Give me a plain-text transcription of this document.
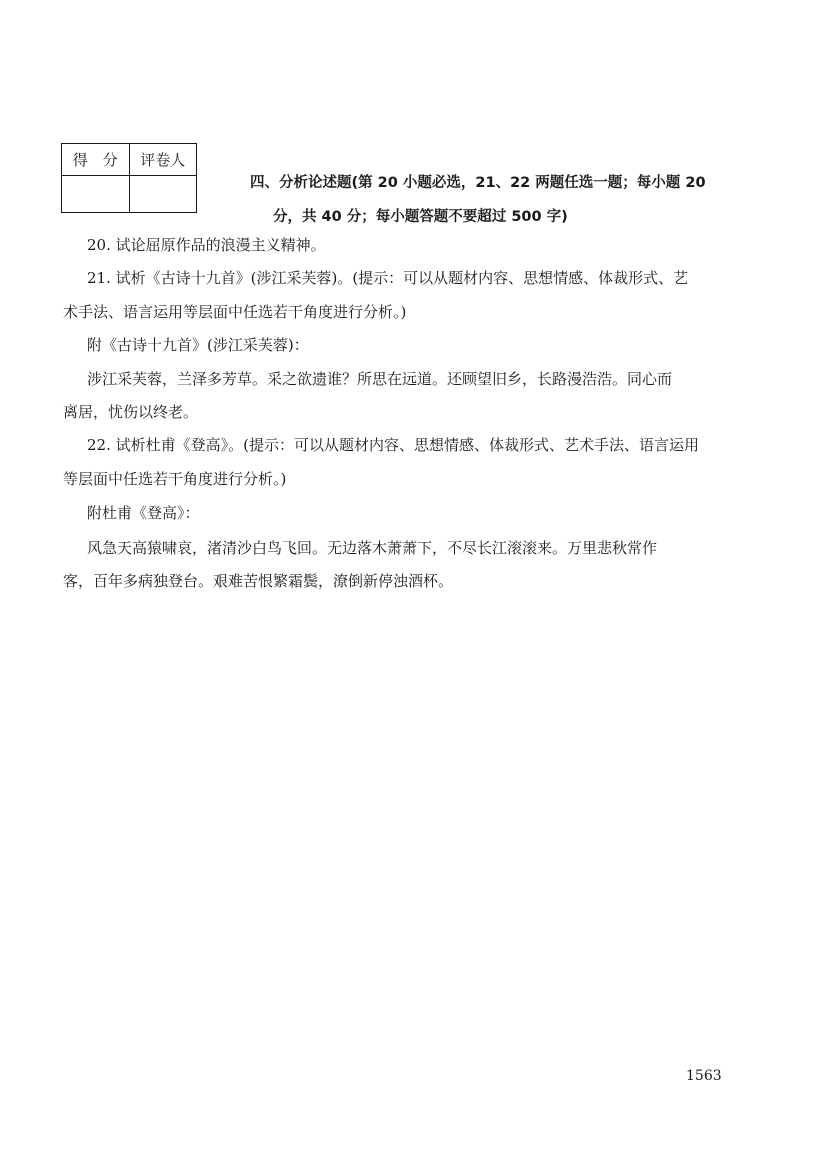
得　分	评卷人

四、分析论述题(第 20 小题必选，21、22 两题任选一题；每小题 20
分，共 40 分；每小题答题不要超过 500 字)

20. 试论屈原作品的浪漫主义精神。

21. 试析《古诗十九首》(涉江采芙蓉)。(提示：可以从题材内容、思想情感、体裁形式、艺

术手法、语言运用等层面中任选若干角度进行分析。)

附《古诗十九首》(涉江采芙蓉)：

涉江采芙蓉，兰泽多芳草。采之欲遗谁？所思在远道。还顾望旧乡，长路漫浩浩。同心而

离居，忧伤以终老。

22. 试析杜甫《登高》。(提示：可以从题材内容、思想情感、体裁形式、艺术手法、语言运用

等层面中任选若干角度进行分析。)

附杜甫《登高》：

风急天高猿啸哀，渚清沙白鸟飞回。无边落木萧萧下，不尽长江滚滚来。万里悲秋常作

客，百年多病独登台。艰难苦恨繁霜鬓，潦倒新停浊酒杯。

1563
